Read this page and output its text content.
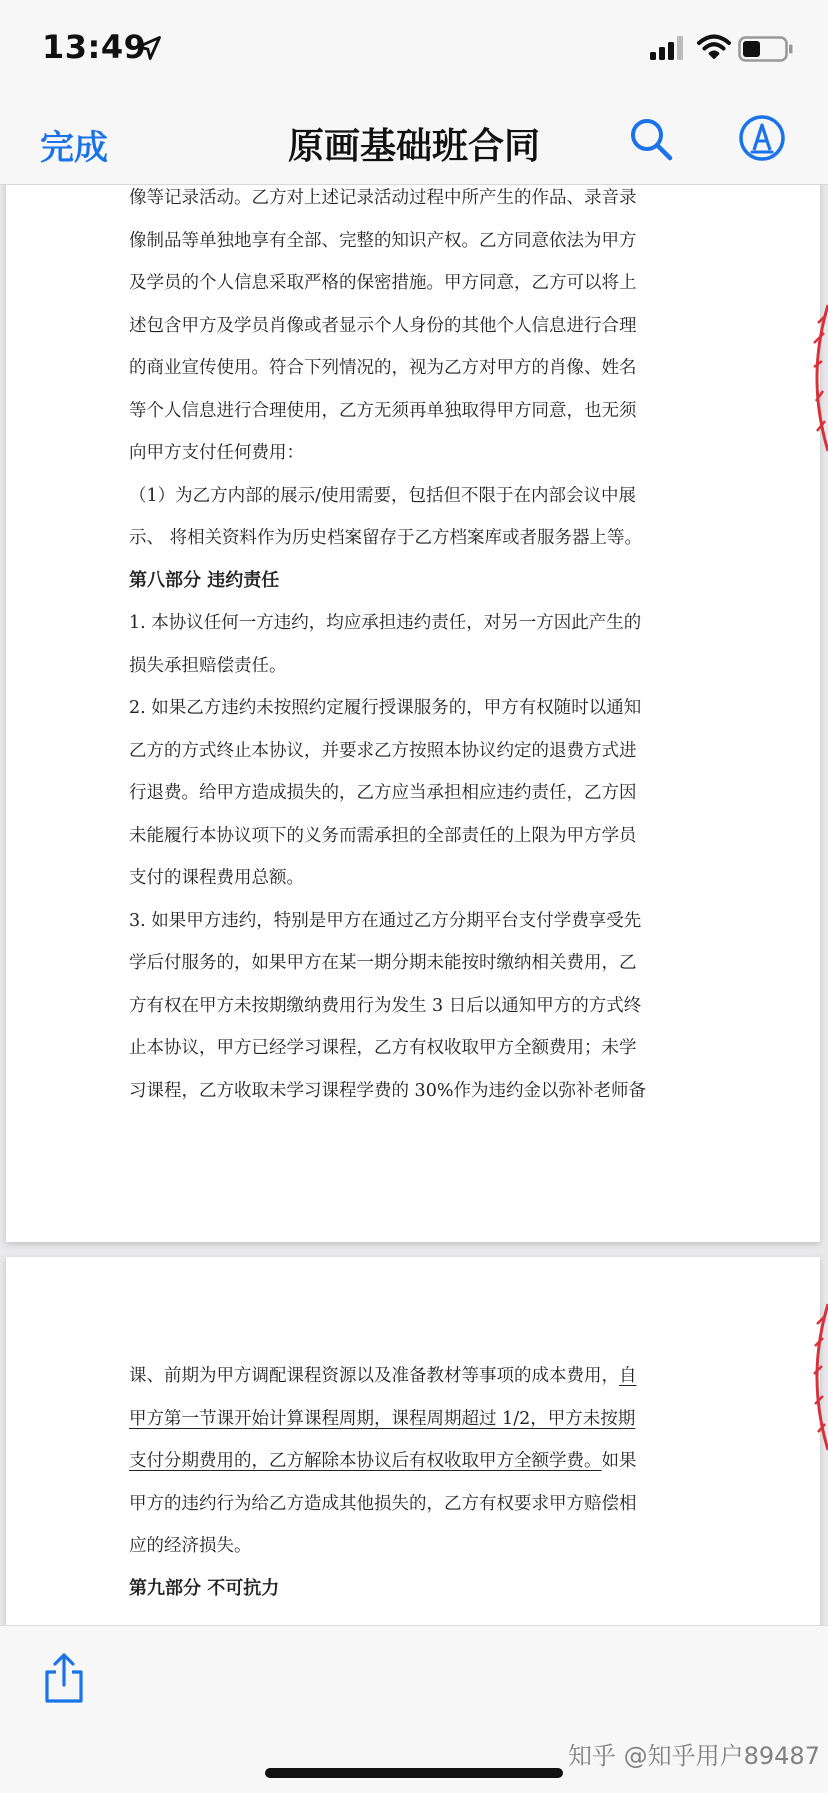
13:49
完成	原画基础班合同

像等记录活动。乙方对上述记录活动过程中所产生的作品、录音录

像制品等单独地享有全部、完整的知识产权。乙方同意依法为甲方

及学员的个人信息采取严格的保密措施。甲方同意，乙方可以将上

述包含甲方及学员肖像或者显示个人身份的其他个人信息进行合理

的商业宣传使用。符合下列情况的，视为乙方对甲方的肖像、姓名

等个人信息进行合理使用，乙方无须再单独取得甲方同意，也无须

向甲方支付任何费用：

（1）为乙方内部的展示/使用需要，包括但不限于在内部会议中展

示、 将相关资料作为历史档案留存于乙方档案库或者服务器上等。

第八部分 违约责任

1. 本协议任何一方违约，均应承担违约责任，对另一方因此产生的

损失承担赔偿责任。

2. 如果乙方违约未按照约定履行授课服务的，甲方有权随时以通知

乙方的方式终止本协议，并要求乙方按照本协议约定的退费方式进

行退费。给甲方造成损失的，乙方应当承担相应违约责任，乙方因

未能履行本协议项下的义务而需承担的全部责任的上限为甲方学员

支付的课程费用总额。

3. 如果甲方违约，特别是甲方在通过乙方分期平台支付学费享受先

学后付服务的，如果甲方在某一期分期未能按时缴纳相关费用，乙

方有权在甲方未按期缴纳费用行为发生 3 日后以通知甲方的方式终

止本协议，甲方已经学习课程，乙方有权收取甲方全额费用；未学

习课程，乙方收取未学习课程学费的 30%作为违约金以弥补老师备

课、前期为甲方调配课程资源以及准备教材等事项的成本费用，自

甲方第一节课开始计算课程周期，课程周期超过 1/2，甲方未按期

支付分期费用的，乙方解除本协议后有权收取甲方全额学费。如果

甲方的违约行为给乙方造成其他损失的，乙方有权要求甲方赔偿相

应的经济损失。

第九部分 不可抗力

知乎 @知乎用户89487
